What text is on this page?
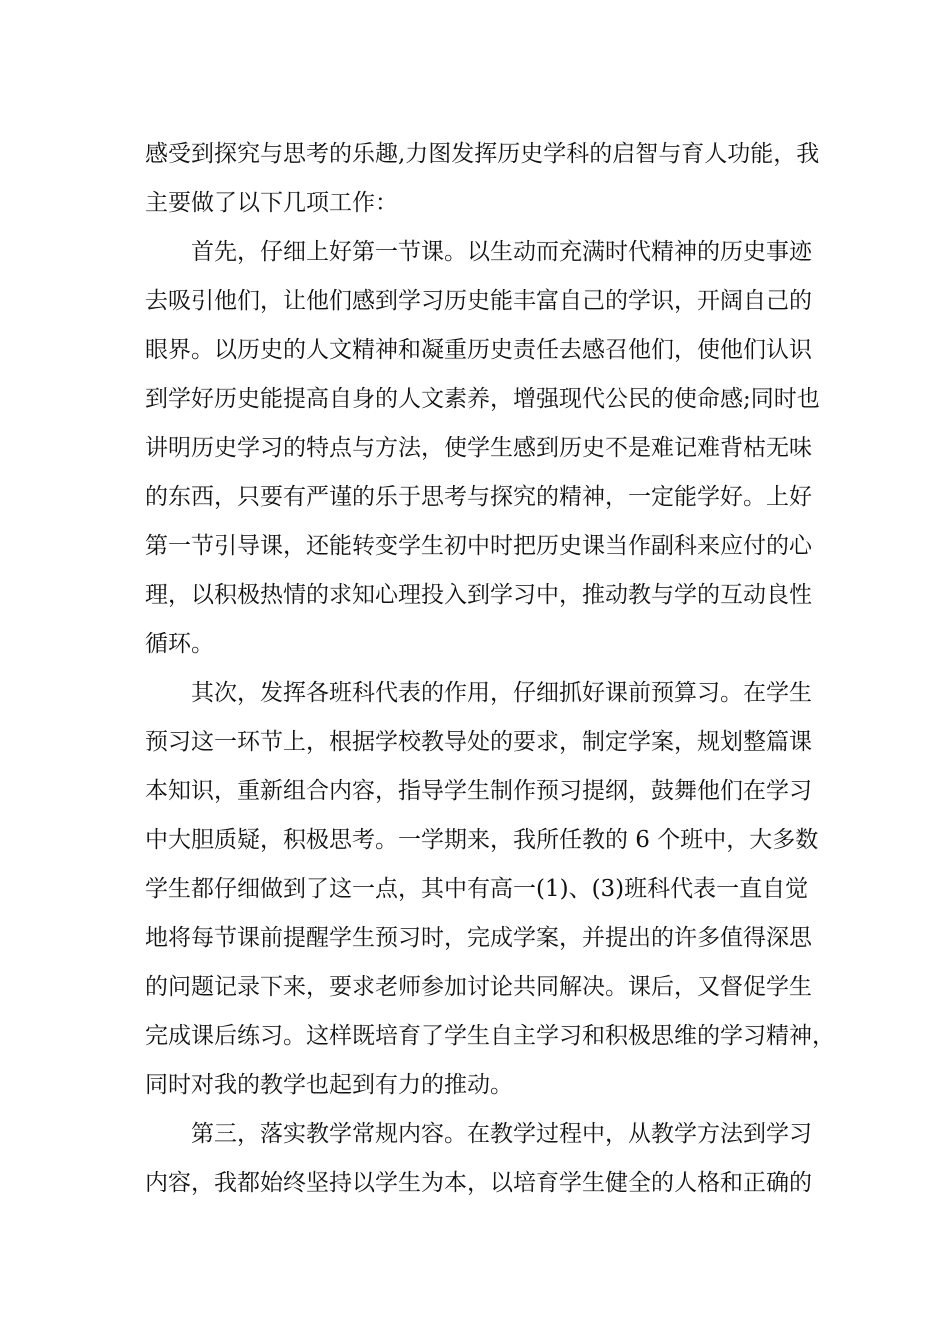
感受到探究与思考的乐趣,力图发挥历史学科的启智与育人功能，我
主要做了以下几项工作：
首先，仔细上好第一节课。以生动而充满时代精神的历史事迹
去吸引他们，让他们感到学习历史能丰富自己的学识，开阔自己的
眼界。以历史的人文精神和凝重历史责任去感召他们，使他们认识
到学好历史能提高自身的人文素养，增强现代公民的使命感;同时也
讲明历史学习的特点与方法，使学生感到历史不是难记难背枯无味
的东西，只要有严谨的乐于思考与探究的精神，一定能学好。上好
第一节引导课，还能转变学生初中时把历史课当作副科来应付的心
理，以积极热情的求知心理投入到学习中，推动教与学的互动良性
循环。
其次，发挥各班科代表的作用，仔细抓好课前预算习。在学生
预习这一环节上，根据学校教导处的要求，制定学案，规划整篇课
本知识，重新组合内容，指导学生制作预习提纲，鼓舞他们在学习
中大胆质疑，积极思考。一学期来，我所任教的 6 个班中，大多数
学生都仔细做到了这一点，其中有高一(1)、(3)班科代表一直自觉
地将每节课前提醒学生预习时，完成学案，并提出的许多值得深思
的问题记录下来，要求老师参加讨论共同解决。课后，又督促学生
完成课后练习。这样既培育了学生自主学习和积极思维的学习精神，
同时对我的教学也起到有力的推动。
第三，落实教学常规内容。在教学过程中，从教学方法到学习
内容，我都始终坚持以学生为本，以培育学生健全的人格和正确的
